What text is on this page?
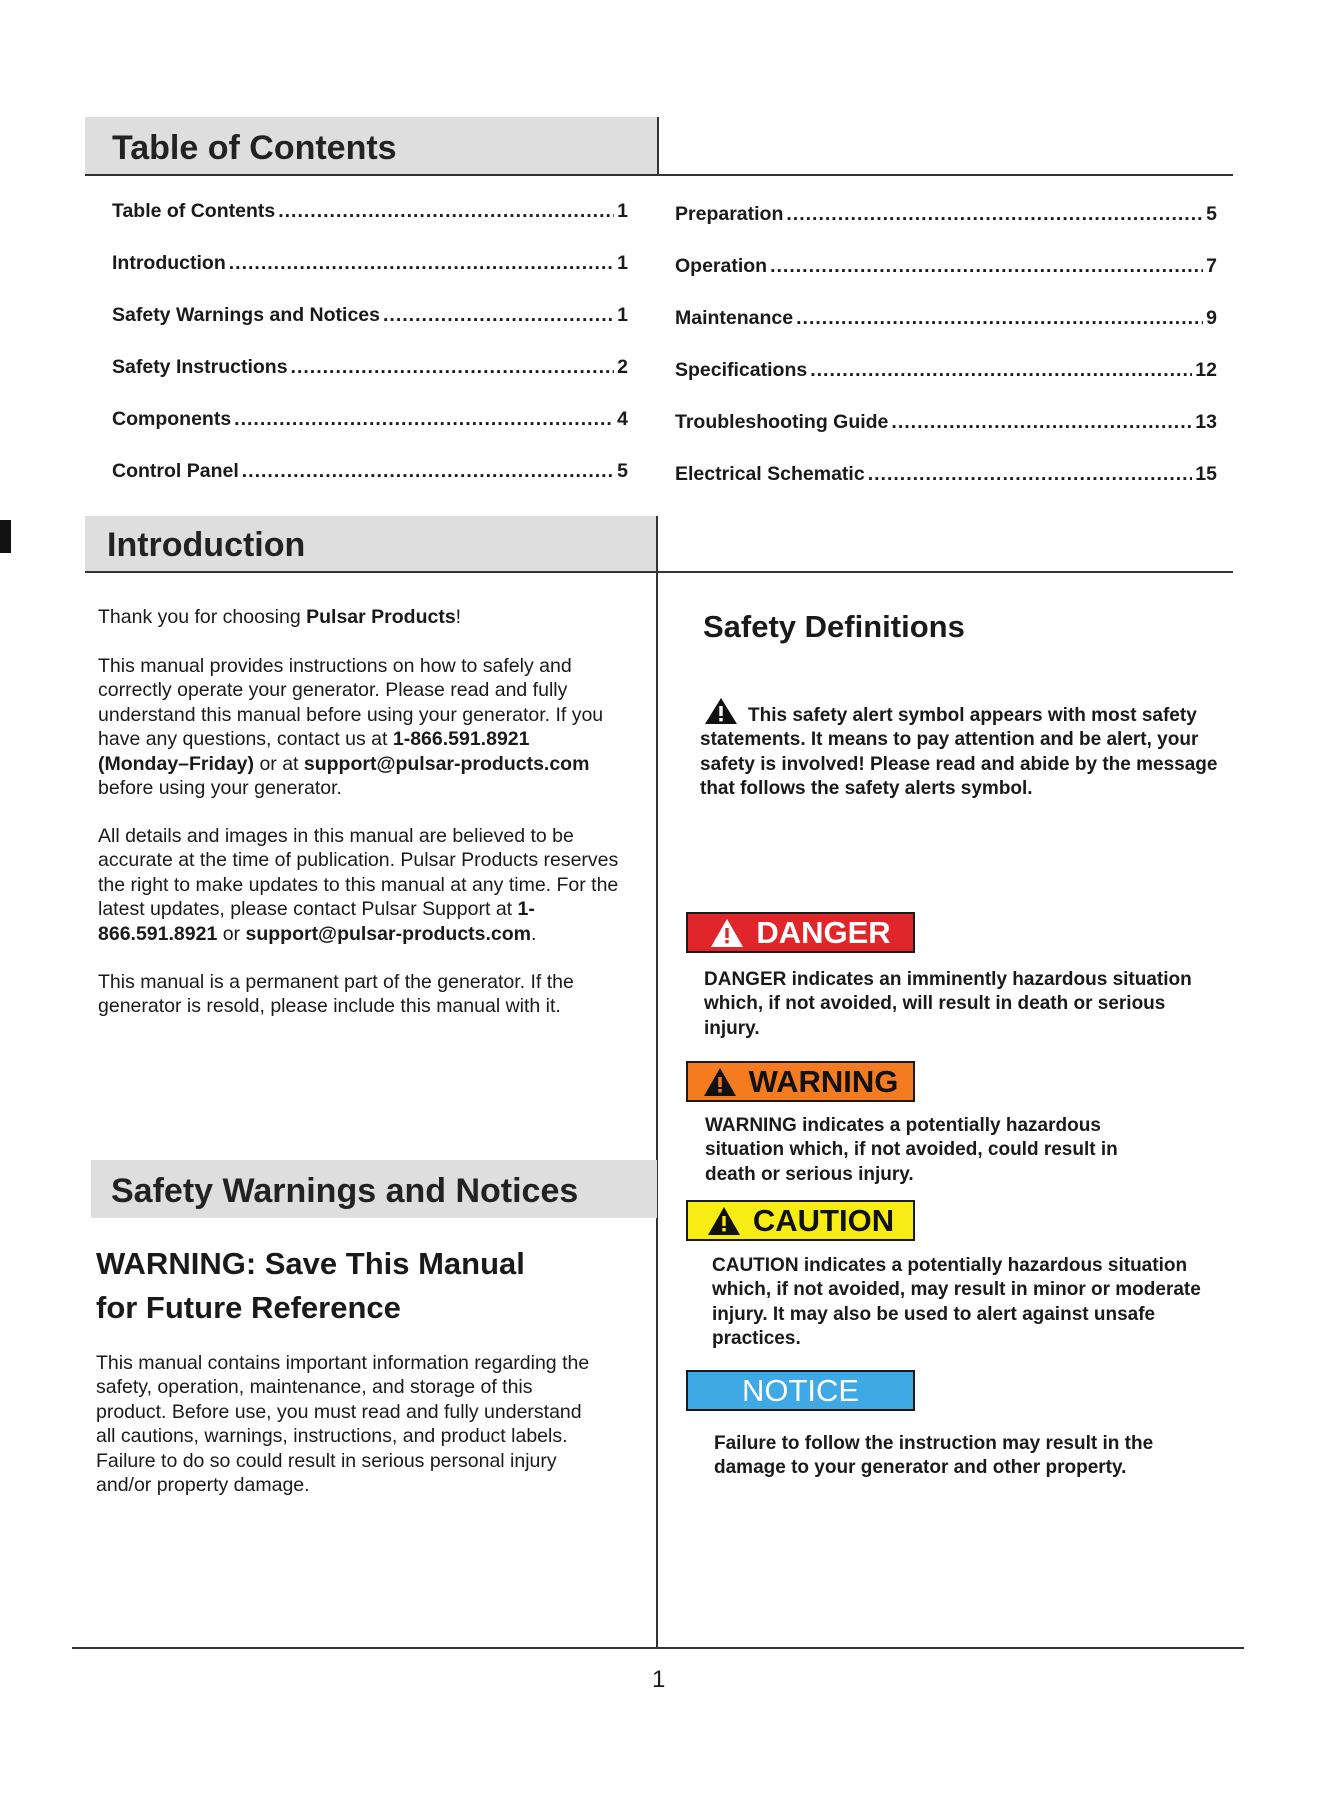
Table of Contents
Table of Contents .....	1
Introduction .....	1
Safety Warnings and Notices .....	1
Safety Instructions .....	2
Components .....	4
Control Panel .....	5
Preparation .....	5
Operation .....	7
Maintenance .....	9
Specifications .....	12
Troubleshooting Guide .....	13
Electrical Schematic .....	15
Introduction

Thank you for choosing Pulsar Products!

This manual provides instructions on how to safely and correctly operate your generator. Please read and fully understand this manual before using your generator. If you have any questions, contact us at 1-866.591.8921
(Monday–Friday) or at support@pulsar-products.com
before using your generator.

All details and images in this manual are believed to be accurate at the time of publication. Pulsar Products reserves the right to make updates to this manual at any time. For the latest updates, please contact Pulsar Support at 1-866.591.8921 or support@pulsar-products.com.

This manual is a permanent part of the generator. If the generator is resold, please include this manual with it.

Safety Warnings and Notices
WARNING: Save This Manual
for Future Reference

This manual contains important information regarding the safety, operation, maintenance, and storage of this product. Before use, you must read and fully understand all cautions, warnings, instructions, and product labels. Failure to do so could result in serious personal injury and/or property damage.

Safety Definitions

This safety alert symbol appears with most safety statements. It means to pay attention and be alert, your safety is involved! Please read and abide by the message that follows the safety alerts symbol.

DANGER

DANGER indicates an imminently hazardous situation which, if not avoided, will result in death or serious injury.

WARNING

WARNING indicates a potentially hazardous situation which, if not avoided, could result in death or serious injury.

CAUTION

CAUTION indicates a potentially hazardous situation which, if not avoided, may result in minor or moderate injury. It may also be used to alert against unsafe practices.

NOTICE

Failure to follow the instruction may result in the damage to your generator and other property.

1
